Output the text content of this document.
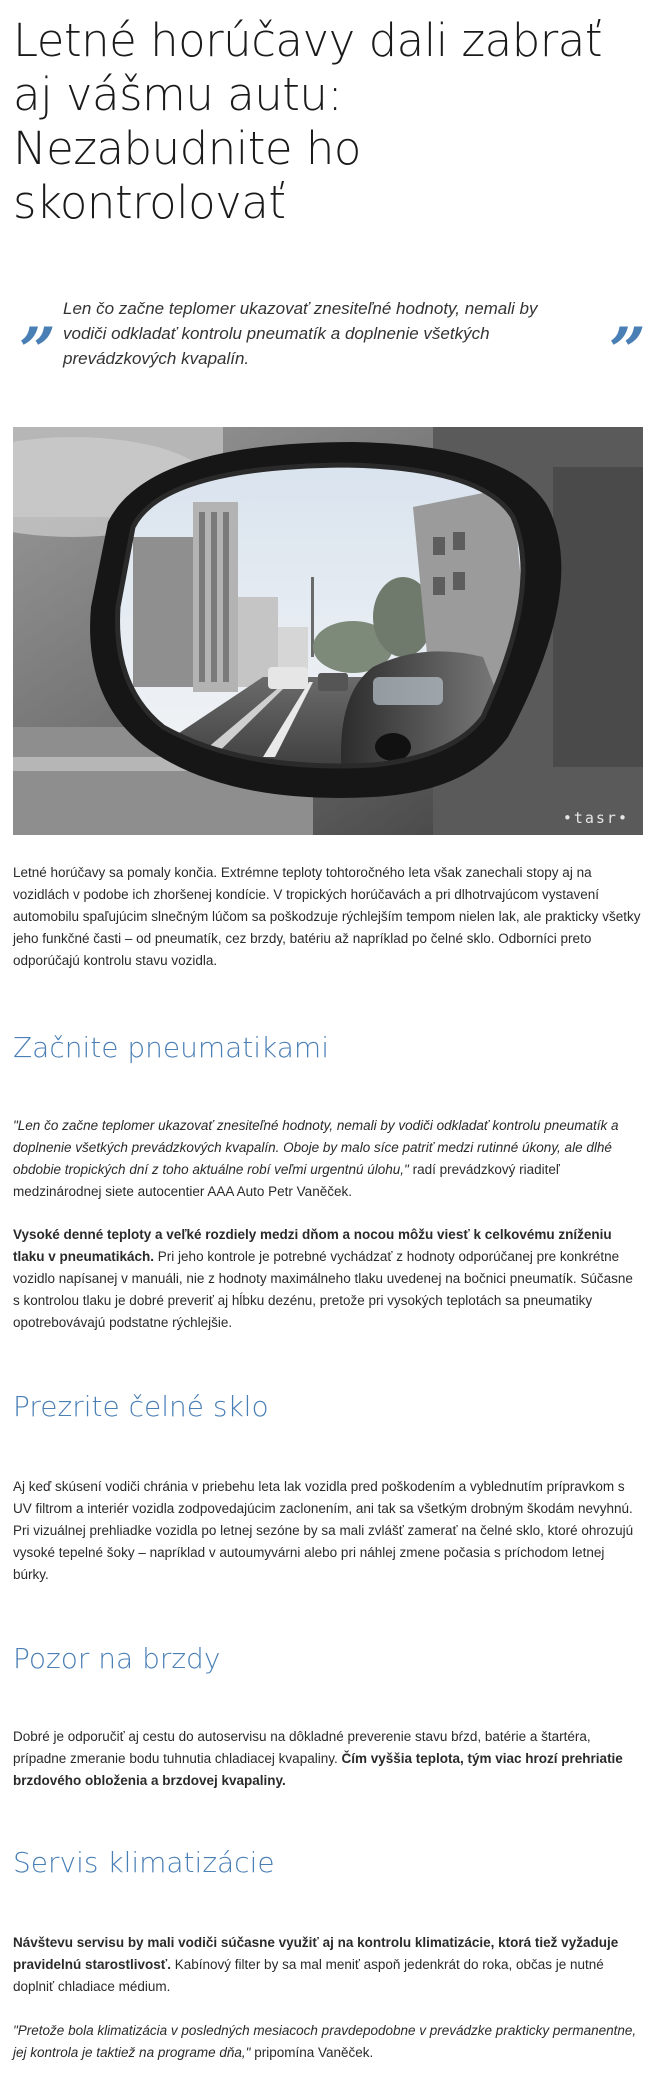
Letné horúčavy dali zabrať aj vášmu autu: Nezabudnite ho skontrolovať
”

Len čo začne teplomer ukazovať znesiteľné hodnoty, nemali by vodiči odkladať kontrolu pneumatík a doplnenie všetkých prevádzkových kvapalín.	”
•tasr•

Letné horúčavy sa pomaly končia. Extrémne teploty tohtoročného leta však zanechali stopy aj na vozidlách v podobe ich zhoršenej kondície. V tropických horúčavách a pri dlhotrvajúcom vystavení automobilu spaľujúcim slnečným lúčom sa poškodzuje rýchlejším tempom nielen lak, ale prakticky všetky jeho funkčné časti – od pneumatík, cez brzdy, batériu až napríklad po čelné sklo. Odborníci preto odporúčajú kontrolu stavu vozidla.

Začnite pneumatikami

"Len čo začne teplomer ukazovať znesiteľné hodnoty, nemali by vodiči odkladať kontrolu pneumatík a doplnenie všetkých prevádzkových kvapalín. Oboje by malo síce patriť medzi rutinné úkony, ale dlhé obdobie tropických dní z toho aktuálne robí veľmi urgentnú úlohu," radí prevádzkový riaditeľ medzinárodnej siete autocentier AAA Auto Petr Vaněček.

Vysoké denné teploty a veľké rozdiely medzi dňom a nocou môžu viesť k celkovému zníženiu tlaku v pneumatikách. Pri jeho kontrole je potrebné vychádzať z hodnoty odporúčanej pre konkrétne vozidlo napísanej v manuáli, nie z hodnoty maximálneho tlaku uvedenej na bočnici pneumatík. Súčasne s kontrolou tlaku je dobré preveriť aj hĺbku dezénu, pretože pri vysokých teplotách sa pneumatiky opotrebovávajú podstatne rýchlejšie.

Prezrite čelné sklo

Aj keď skúsení vodiči chránia v priebehu leta lak vozidla pred poškodením a vyblednutím prípravkom s UV filtrom a interiér vozidla zodpovedajúcim zaclonením, ani tak sa všetkým drobným škodám nevyhnú. Pri vizuálnej prehliadke vozidla po letnej sezóne by sa mali zvlášť zamerať na čelné sklo, ktoré ohrozujú vysoké tepelné šoky – napríklad v autoumyvárni alebo pri náhlej zmene počasia s príchodom letnej búrky.

Pozor na brzdy

Dobré je odporučiť aj cestu do autoservisu na dôkladné preverenie stavu bŕzd, batérie a štartéra, prípadne zmeranie bodu tuhnutia chladiacej kvapaliny. Čím vyššia teplota, tým viac hrozí prehriatie brzdového obloženia a brzdovej kvapaliny.

Servis klimatizácie

Návštevu servisu by mali vodiči súčasne využiť aj na kontrolu klimatizácie, ktorá tiež vyžaduje pravidelnú starostlivosť. Kabínový filter by sa mal meniť aspoň jedenkrát do roka, občas je nutné doplniť chladiace médium.

"Pretože bola klimatizácia v posledných mesiacoch pravdepodobne v prevádzke prakticky permanentne, jej kontrola je taktiež na programe dňa," pripomína Vaněček.
